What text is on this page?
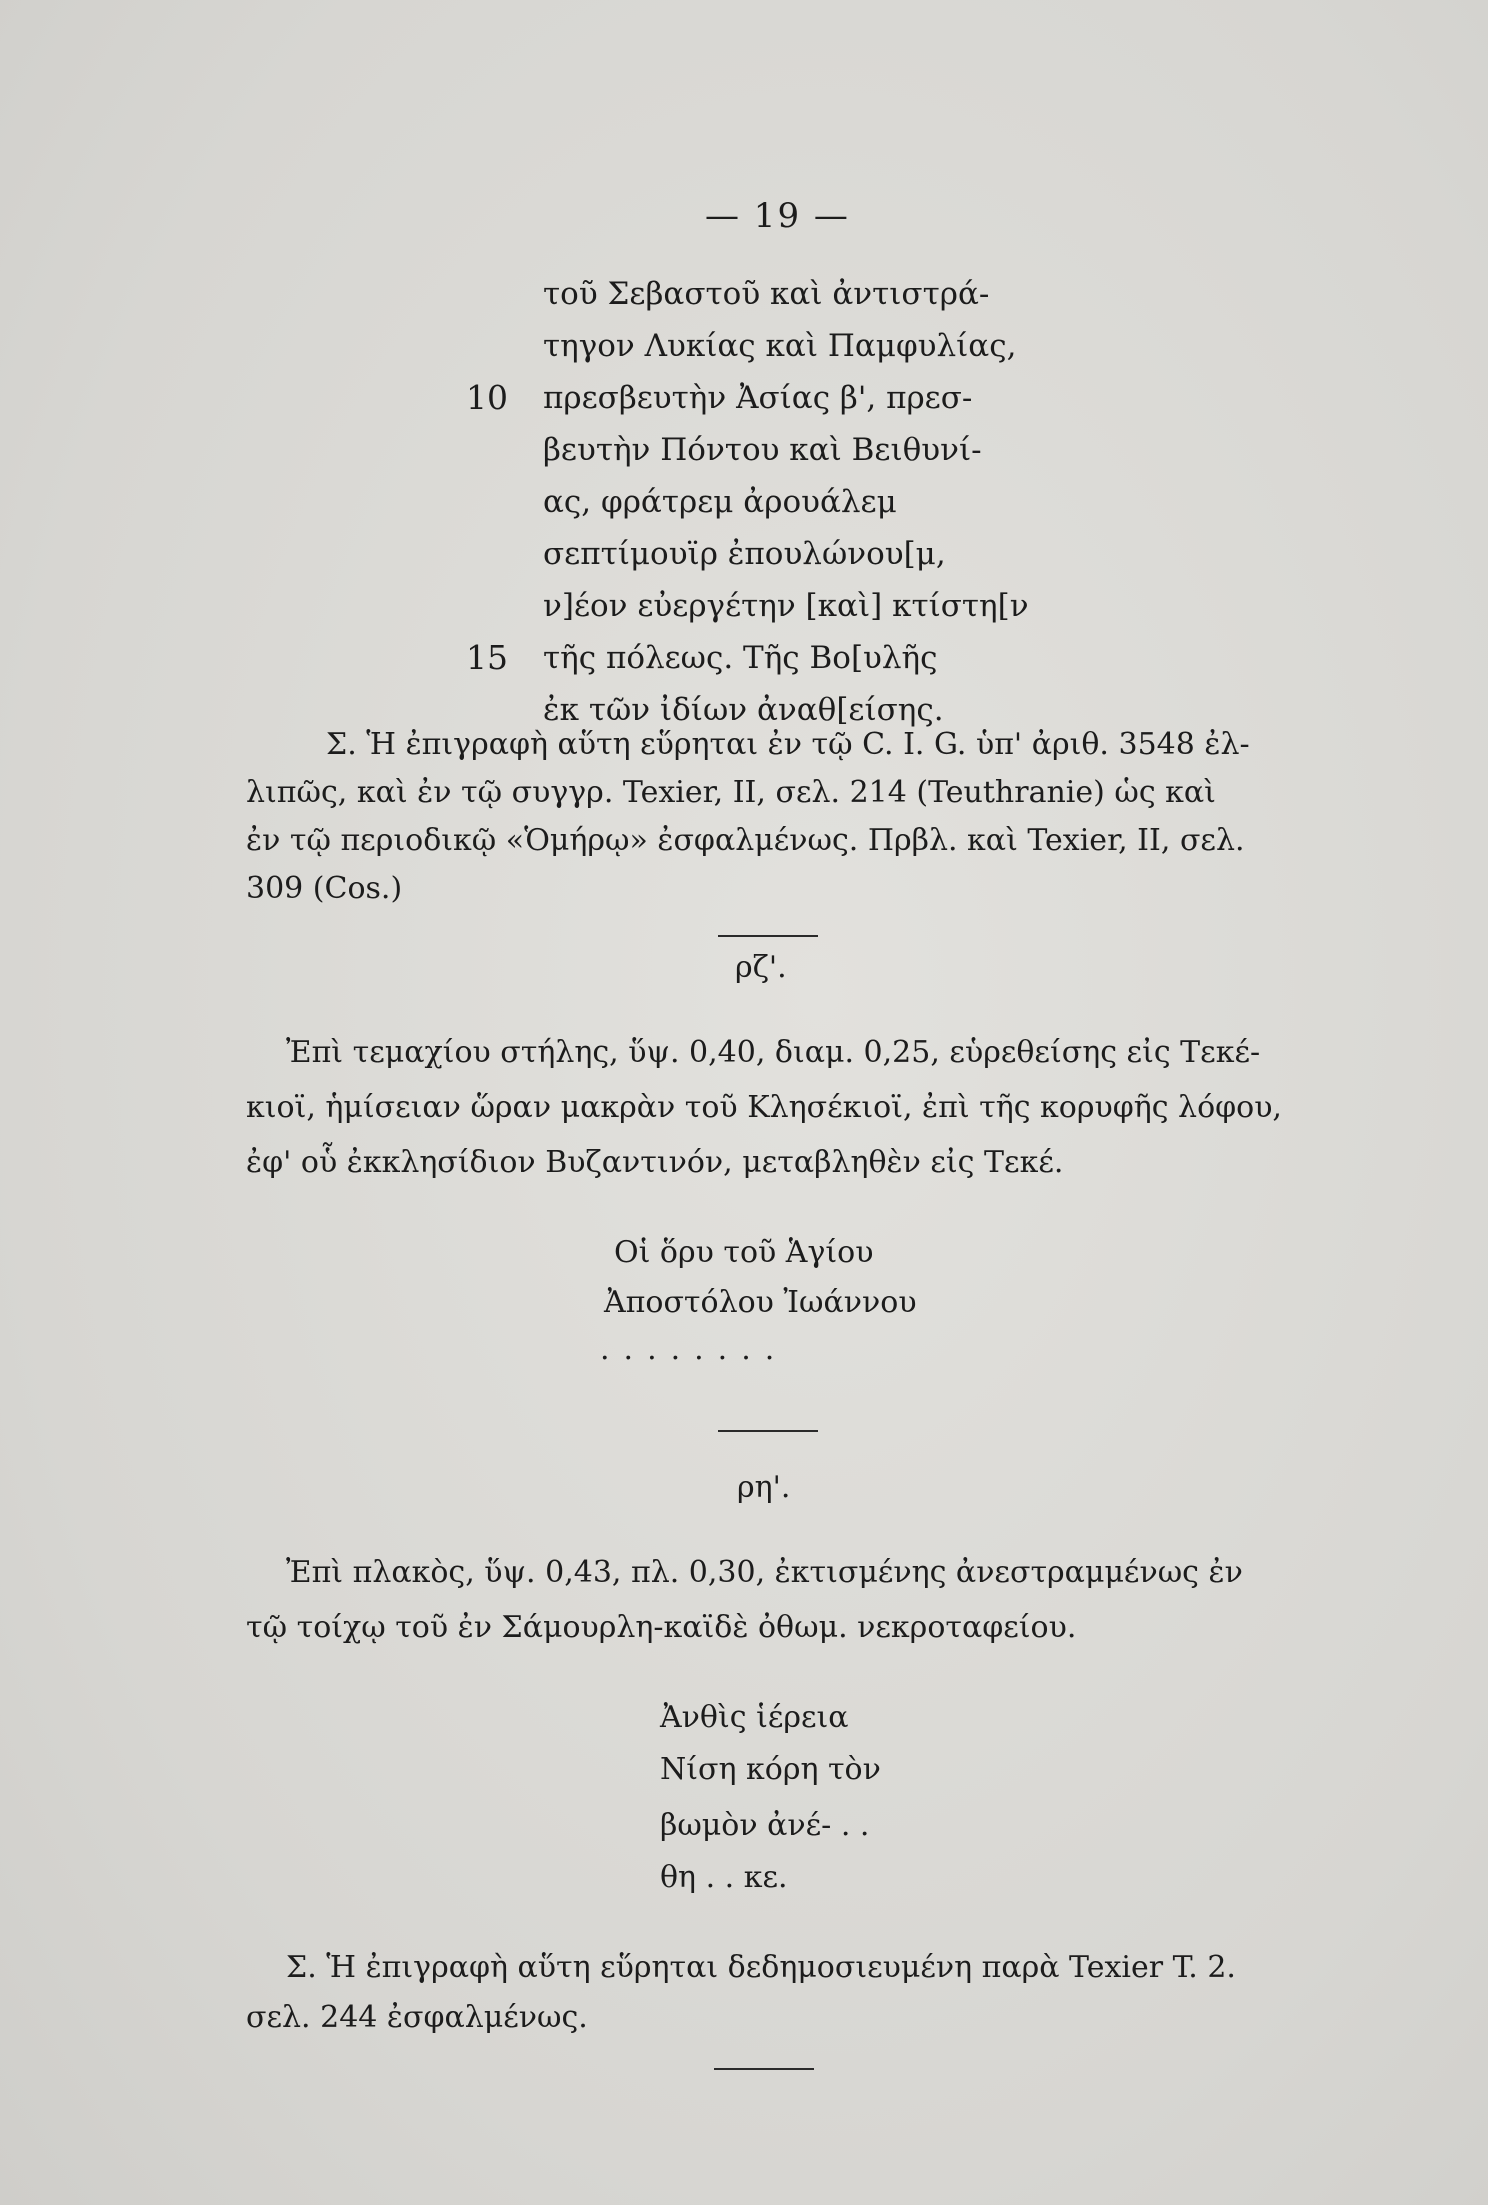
— 19 —
τοῦ Σεβαστοῦ καὶ ἀντιστρά-
τηγον Λυκίας καὶ Παμφυλίας,
πρεσβευτὴν Ἀσίας β', πρεσ-
βευτὴν Πόντου καὶ Βειθυνί-
ας, φράτρεμ ἀρουάλεμ
σεπτίμουϊρ ἐπουλώνου[μ,
ν]έον εὐεργέτην [καὶ] κτίστη[ν
τῆς πόλεως. Τῆς Βο[υλῆς
ἐκ τῶν ἰδίων ἀναθ[είσης.
10
15
Σ. Ἡ ἐπιγραφὴ αὕτη εὕρηται ἐν τῷ C. I. G. ὑπ' ἀριθ. 3548 ἐλ-
λιπῶς, καὶ ἐν τῷ συγγρ. Texier, II, σελ. 214 (Teuthranie) ὡς καὶ
ἐν τῷ περιοδικῷ «Ὁμήρῳ» ἐσφαλμένως. Πρβλ. καὶ Texier, II, σελ.
309 (Cos.)
ρζ'.
Ἐπὶ τεμαχίου στήλης, ὕψ. 0,40, διαμ. 0,25, εὑρεθείσης εἰς Τεκέ-
κιοϊ, ἡμίσειαν ὥραν μακρὰν τοῦ Κλησέκιοϊ, ἐπὶ τῆς κορυφῆς λόφου,
ἐφ' οὗ ἐκκλησίδιον Βυζαντινόν, μεταβληθὲν εἰς Τεκέ.
Οἱ ὅρυ τοῦ Ἁγίου
Ἀποστόλου Ἰωάννου
........
ρη'.
Ἐπὶ πλακὸς, ὕψ. 0,43, πλ. 0,30, ἐκτισμένης ἀνεστραμμένως ἐν
τῷ τοίχῳ τοῦ ἐν Σάμουρλη-καϊδὲ ὀθωμ. νεκροταφείου.
Ἀνθὶς ἱέρεια
Νίση κόρη τὸν
βωμὸν ἀνέ- . .
θη . . κε.
Σ. Ἡ ἐπιγραφὴ αὕτη εὕρηται δεδημοσιευμένη παρὰ Texier T. 2.
σελ. 244 ἐσφαλμένως.
